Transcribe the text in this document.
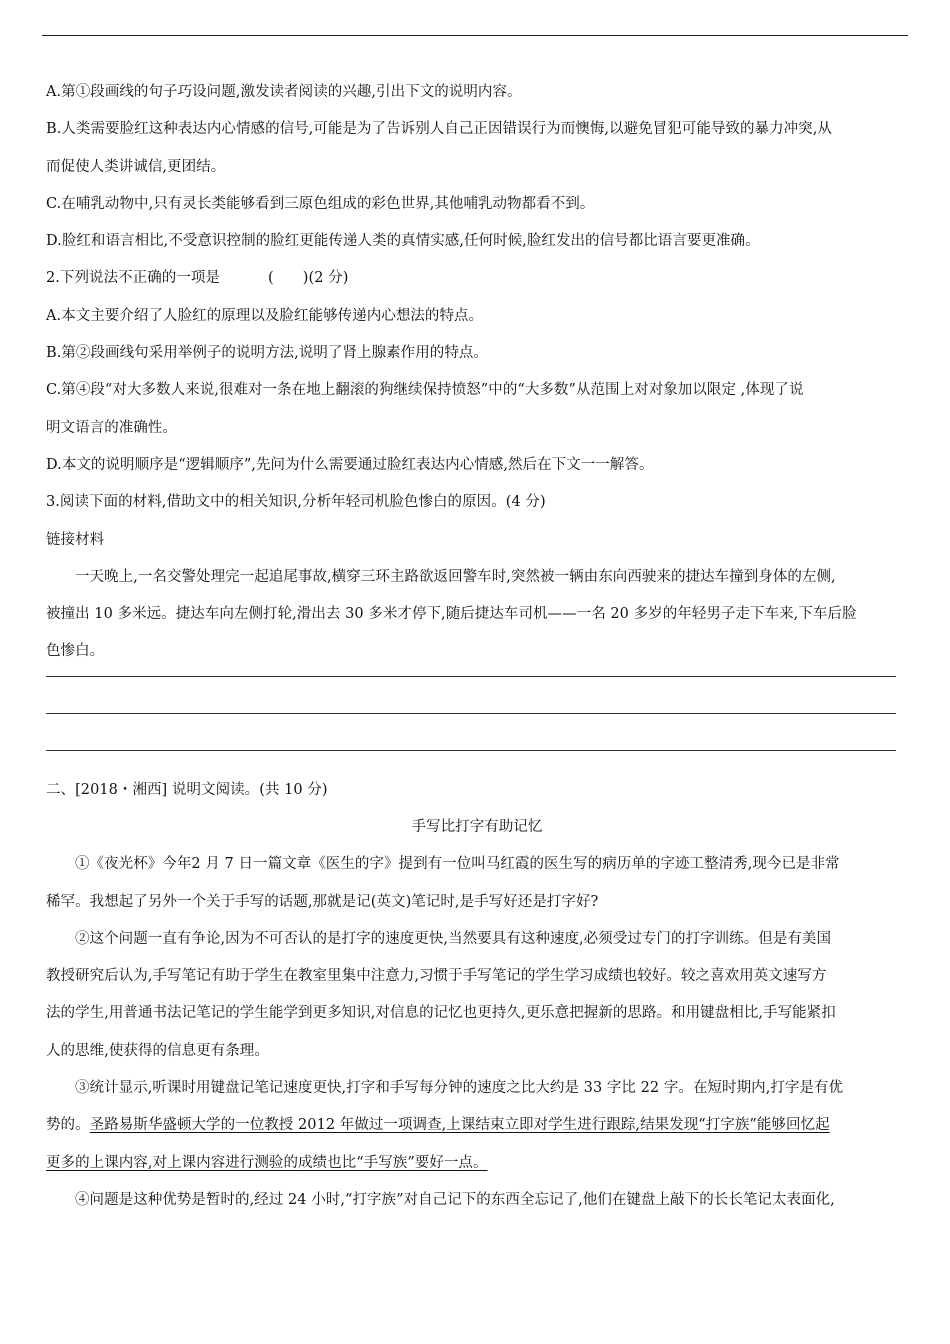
A.第①段画线的句子巧设问题,激发读者阅读的兴趣,引出下文的说明内容。
B.人类需要脸红这种表达内心情感的信号,可能是为了告诉别人自己正因错误行为而懊悔,以避免冒犯可能导致的暴力冲突,从
而促使人类讲诚信,更团结。
C.在哺乳动物中,只有灵长类能够看到三原色组成的彩色世界,其他哺乳动物都看不到。
D.脸红和语言相比,不受意识控制的脸红更能传递人类的真情实感,任何时候,脸红发出的信号都比语言要更准确。
2.下列说法不正确的一项是	(　　)(2 分)
A.本文主要介绍了人脸红的原理以及脸红能够传递内心想法的特点。
B.第②段画线句采用举例子的说明方法,说明了肾上腺素作用的特点。
C.第④段“对大多数人来说,很难对一条在地上翻滚的狗继续保持愤怒”中的“大多数”从范围上对对象加以限定 ,体现了说
明文语言的准确性。
D.本文的说明顺序是“逻辑顺序”,先问为什么需要通过脸红表达内心情感,然后在下文一一解答。
3.阅读下面的材料,借助文中的相关知识,分析年轻司机脸色惨白的原因。(4 分)
链接材料
一天晚上,一名交警处理完一起追尾事故,横穿三环主路欲返回警车时,突然被一辆由东向西驶来的捷达车撞到身体的左侧,
被撞出 10 多米远。捷达车向左侧打轮,滑出去 30 多米才停下,随后捷达车司机——一名 20 多岁的年轻男子走下车来,下车后脸
色惨白。
二、[2018・湘西] 说明文阅读。(共 10 分)
手写比打字有助记忆
①《夜光杯》今年2 月 7 日一篇文章《医生的字》提到有一位叫马红霞的医生写的病历单的字迹工整清秀,现今已是非常
稀罕。我想起了另外一个关于手写的话题,那就是记(英文)笔记时,是手写好还是打字好?
②这个问题一直有争论,因为不可否认的是打字的速度更快,当然要具有这种速度,必须受过专门的打字训练。但是有美国
教授研究后认为,手写笔记有助于学生在教室里集中注意力,习惯于手写笔记的学生学习成绩也较好。较之喜欢用英文速写方
法的学生,用普通书法记笔记的学生能学到更多知识,对信息的记忆也更持久,更乐意把握新的思路。和用键盘相比,手写能紧扣
人的思维,使获得的信息更有条理。
③统计显示,听课时用键盘记笔记速度更快,打字和手写每分钟的速度之比大约是 33 字比 22 字。在短时期内,打字是有优
势的。圣路易斯华盛顿大学的一位教授 2012 年做过一项调查,上课结束立即对学生进行跟踪,结果发现“打字族”能够回忆起
更多的上课内容,对上课内容进行测验的成绩也比“手写族”要好一点。
④问题是这种优势是暂时的,经过 24 小时,“打字族”对自己记下的东西全忘记了,他们在键盘上敲下的长长笔记太表面化,
